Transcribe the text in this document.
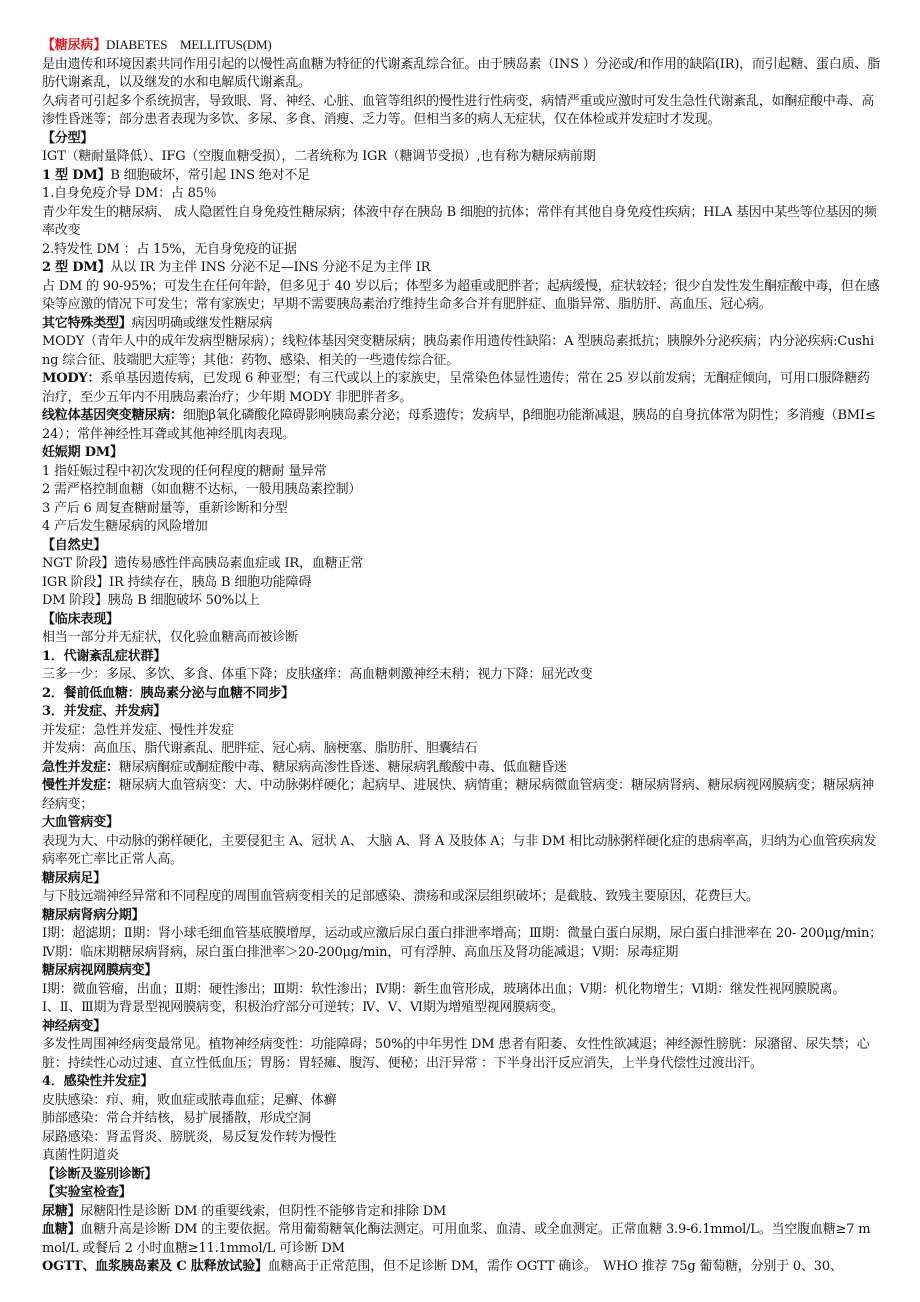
【糖尿病】DIABETES　MELLITUS(DM)
是由遗传和环境因素共同作用引起的以慢性高血糖为特征的代谢紊乱综合征。由于胰岛素（INS ）分泌或/和作用的缺陷(IR)，而引起糖、蛋白质、脂肪代谢紊乱，以及继发的水和电解质代谢紊乱。
久病者可引起多个系统损害，导致眼、肾、神经、心脏、血管等组织的慢性进行性病变，病情严重或应激时可发生急性代谢紊乱，如酮症酸中毒、高渗性昏迷等；部分患者表现为多饮、多尿、多食、消瘦、乏力等。但相当多的病人无症状，仅在体检或并发症时才发现。
【分型】
IGT（糖耐量降低）、IFG（空腹血糖受损），二者统称为 IGR（糖调节受损）,也有称为糖尿病前期
1 型 DM】B 细胞破坏，常引起 INS 绝对不足
1.自身免疫介导 DM：占 85％
青少年发生的糖尿病、 成人隐匿性自身免疫性糖尿病；体液中存在胰岛 B 细胞的抗体；常伴有其他自身免疫性疾病；HLA 基因中某些等位基因的频率改变
2.特发性 DM ：占 15%，无自身免疫的证据
2 型 DM】从以 IR 为主伴 INS 分泌不足—INS 分泌不足为主伴 IR
占 DM 的 90-95%；可发生在任何年龄，但多见于 40 岁以后；体型多为超重或肥胖者；起病缓慢，症状较轻；很少自发性发生酮症酸中毒，但在感染等应激的情况下可发生；常有家族史；早期不需要胰岛素治疗维持生命多合并有肥胖症、血脂异常、脂肪肝、高血压、冠心病。
其它特殊类型】病因明确或继发性糖尿病
MODY（青年人中的成年发病型糖尿病）；线粒体基因突变糖尿病；胰岛素作用遗传性缺陷：A 型胰岛素抵抗；胰腺外分泌疾病；内分泌疾病:Cushing 综合征、肢端肥大症等；其他：药物、感染、相关的一些遗传综合征。
MODY：系单基因遗传病，已发现 6 种亚型；有三代或以上的家族史，呈常染色体显性遗传；常在 25 岁以前发病；无酮症倾向，可用口服降糖药治疗，至少五年内不用胰岛素治疗；少年期 MODY 非肥胖者多。
线粒体基因突变糖尿病：细胞β氧化磷酸化障碍影响胰岛素分泌；母系遗传；发病早，β细胞功能渐减退，胰岛的自身抗体常为阴性；多消瘦（BMI≤24）；常伴神经性耳聋或其他神经肌肉表现。
妊娠期 DM】
1 指妊娠过程中初次发现的任何程度的糖耐 量异常
2 需严格控制血糖（如血糖不达标，一般用胰岛素控制）
3 产后 6 周复查糖耐量等，重新诊断和分型
4 产后发生糖尿病的风险增加
【自然史】
NGT 阶段】遗传易感性伴高胰岛素血症或 IR，血糖正常
IGR 阶段】IR 持续存在，胰岛 B 细胞功能障碍
DM 阶段】胰岛 B 细胞破坏 50%以上
【临床表现】
相当一部分并无症状，仅化验血糖高而被诊断
1．代谢紊乱症状群】
三多一少：多尿、多饮、多食、体重下降；皮肤瘙痒：高血糖刺激神经末稍；视力下降：屈光改变
2．餐前低血糖：胰岛素分泌与血糖不同步】
3．并发症、并发病】
并发症：急性并发症、慢性并发症
并发病：高血压、脂代谢紊乱、肥胖症、冠心病、脑梗塞、脂肪肝、胆囊结石
急性并发症：糖尿病酮症或酮症酸中毒、糖尿病高渗性昏迷、糖尿病乳酸酸中毒、低血糖昏迷
慢性并发症：糖尿病大血管病变：大、中动脉粥样硬化；起病早、进展快、病情重；糖尿病微血管病变：糖尿病肾病、糖尿病视网膜病变；糖尿病神经病变；
大血管病变】
表现为大、中动脉的粥样硬化，主要侵犯主 A、冠状 A、 大脑 A、肾 A 及肢体 A；与非 DM 相比动脉粥样硬化症的患病率高，归纳为心血管疾病发病率死亡率比正常人高。
糖尿病足】
与下肢远端神经异常和不同程度的周围血管病变相关的足部感染、溃疡和或深层组织破坏；是截肢、致残主要原因，花费巨大。
糖尿病肾病分期】
Ⅰ期：超滤期；Ⅱ期：肾小球毛细血管基底膜增厚，运动或应激后尿白蛋白排泄率增高；Ⅲ期：微量白蛋白尿期，尿白蛋白排泄率在 20- 200μg/min；Ⅳ期：临床期糖尿病肾病，尿白蛋白排泄率＞20-200μg/min，可有浮肿、高血压及肾功能减退；Ⅴ期：尿毒症期
糖尿病视网膜病变】
Ⅰ期：微血管瘤，出血；Ⅱ期：硬性渗出；Ⅲ期：软性渗出；Ⅳ期：新生血管形成，玻璃体出血；Ⅴ期：机化物增生；Ⅵ期：继发性视网膜脱离。
Ⅰ、Ⅱ、Ⅲ期为背景型视网膜病变，积极治疗部分可逆转；Ⅳ、Ⅴ、Ⅵ期为增殖型视网膜病变。
神经病变】
多发性周围神经病变最常见。植物神经病变性：功能障碍；50%的中年男性 DM 患者有阳萎、女性性欲减退；神经源性膀胱：尿潴留、尿失禁；心脏：持续性心动过速、直立性低血压；胃肠：胃轻瘫、腹泻、便秘；出汗异常 ：下半身出汗反应消失，上半身代偿性过渡出汗。
4．感染性并发症】
皮肤感染：疖、痈，败血症或脓毒血症；足癣、体癣
肺部感染：常合并结核，易扩展播散，形成空洞
尿路感染：肾盂肾炎、膀胱炎，易反复发作转为慢性
真菌性阴道炎
【诊断及鉴别诊断】
【实验室检查】
尿糖】尿糖阳性是诊断 DM 的重要线索，但阴性不能够肯定和排除 DM
血糖】血糖升高是诊断 DM 的主要依据。常用葡萄糖氧化酶法测定。可用血浆、血清、或全血测定。正常血糖 3.9-6.1mmol/L。当空腹血糖≥7 mmol/L 或餐后 2 小时血糖≥11.1mmol/L 可诊断 DM
OGTT、血浆胰岛素及 C 肽释放试验】血糖高于正常范围，但不足诊断 DM，需作 OGTT 确诊。　WHO 推荐 75g 葡萄糖，分别于 0、30、
